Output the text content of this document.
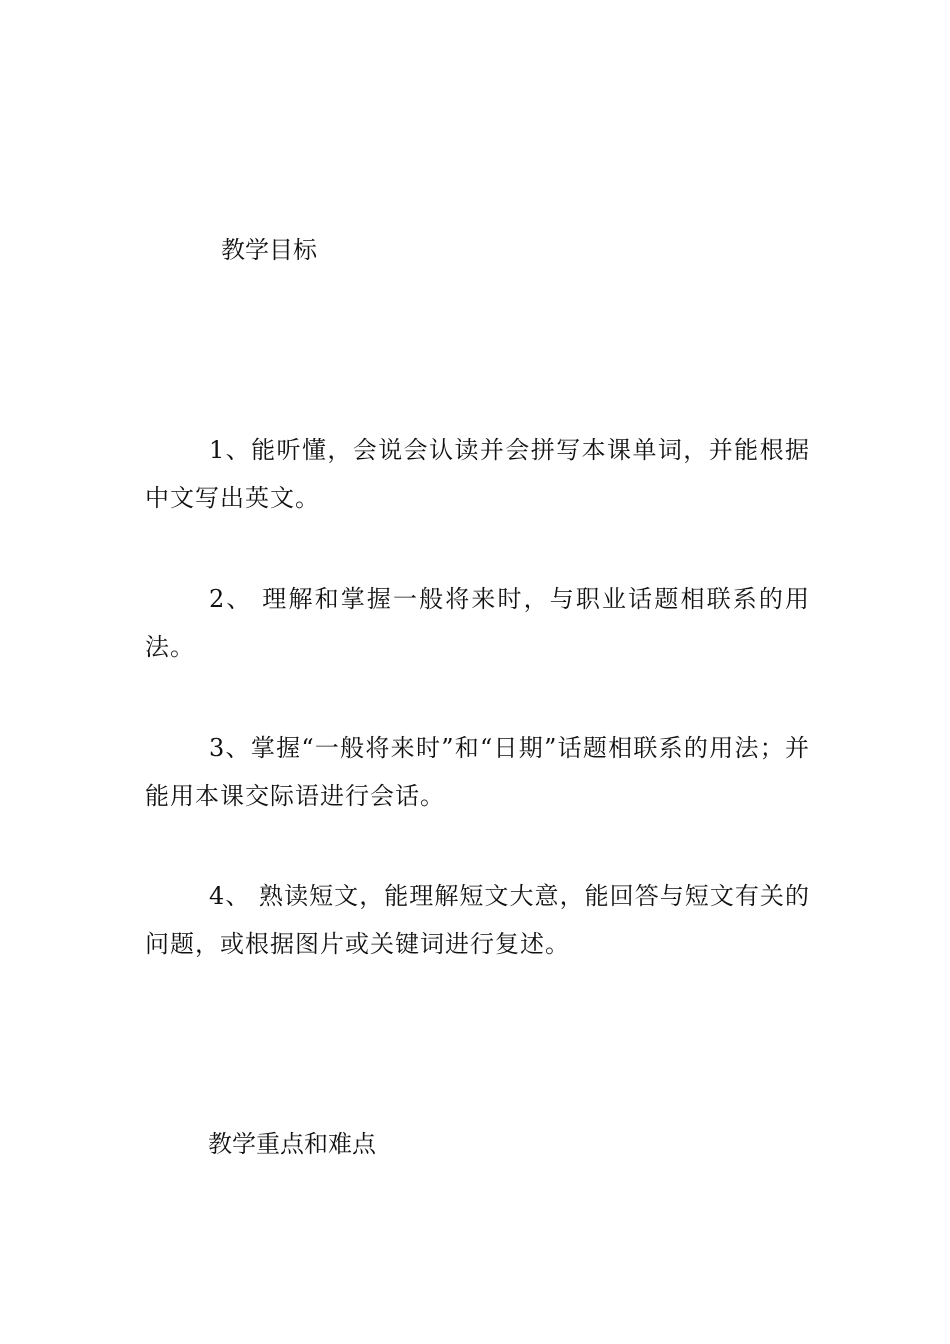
教学目标
1、能听懂，会说会认读并会拼写本课单词，并能根据中文写出英文。
2、 理解和掌握一般将来时，与职业话题相联系的用法。
3、掌握“一般将来时”和“日期”话题相联系的用法；并能用本课交际语进行会话。
4、 熟读短文，能理解短文大意，能回答与短文有关的问题，或根据图片或关键词进行复述。
教学重点和难点
